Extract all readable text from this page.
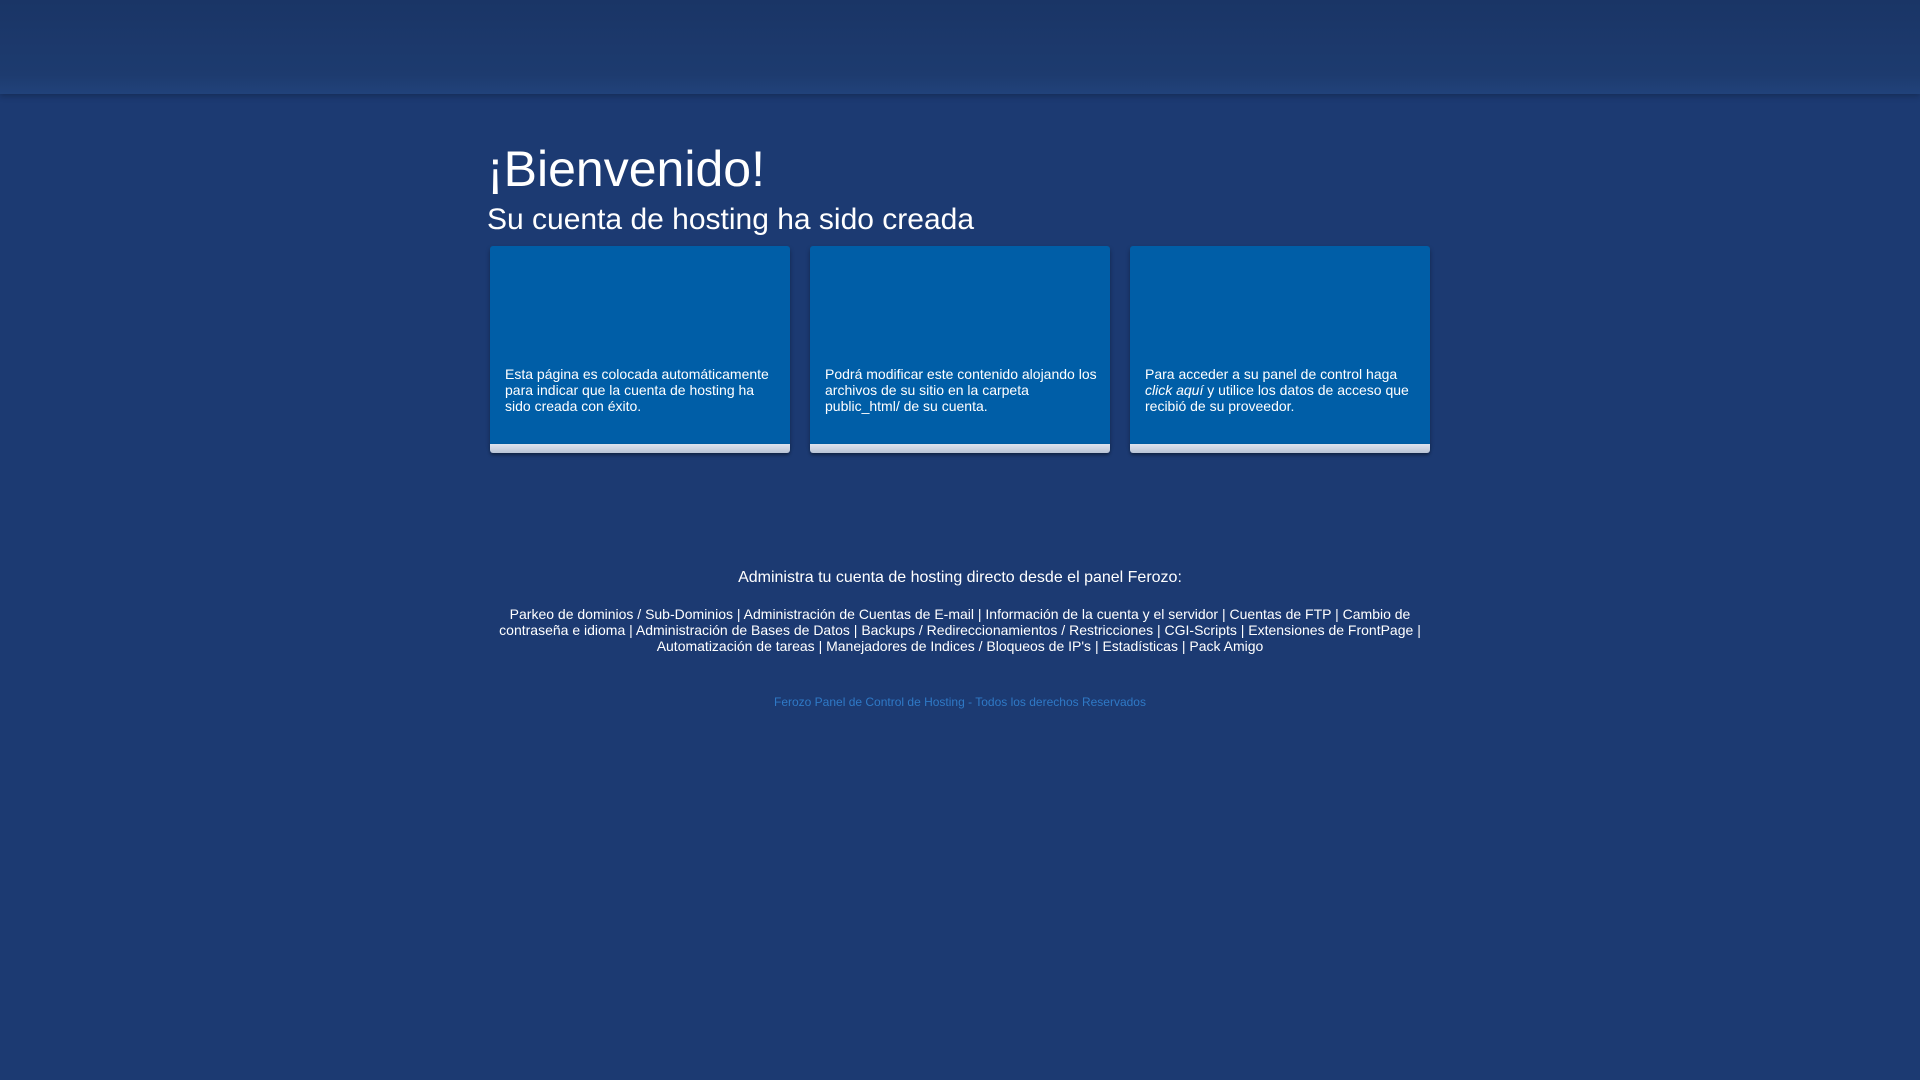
¡Bienvenido!
Su cuenta de hosting ha sido creada
Esta página es colocada automáticamente para indicar que la cuenta de hosting ha sido creada con éxito.
Podrá modificar este contenido alojando los archivos de su sitio en la carpeta public_html/ de su cuenta.
Para acceder a su panel de control haga click aquí y utilice los datos de acceso que recibió de su proveedor.
Administra tu cuenta de hosting directo desde el panel Ferozo:
Parkeo de dominios / Sub-Dominios | Administración de Cuentas de E-mail | Información de la cuenta y el servidor | Cuentas de FTP | Cambio de contraseña e idioma | Administración de Bases de Datos | Backups / Redireccionamientos / Restricciones | CGI-Scripts | Extensiones de FrontPage | Automatización de tareas | Manejadores de Indices / Bloqueos de IP's | Estadísticas | Pack Amigo
Ferozo Panel de Control de Hosting - Todos los derechos Reservados
